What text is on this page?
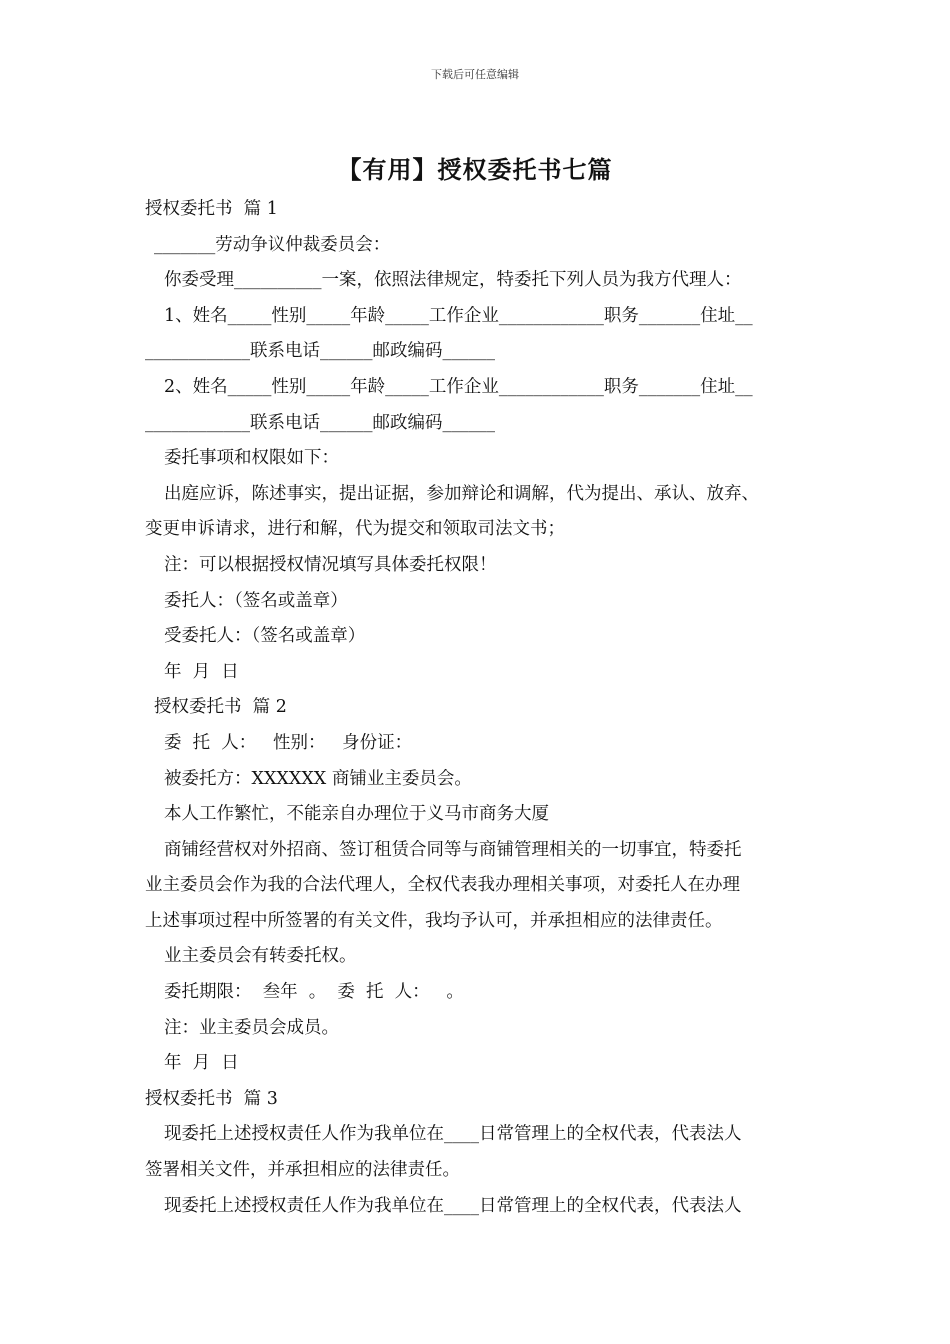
下载后可任意编辑
【有用】授权委托书七篇
授权委托书  篇 1
_______劳动争议仲裁委员会：
你委受理__________一案，依照法律规定，特委托下列人员为我方代理人：
1、姓名_____性别_____年龄_____工作企业____________职务_______住址__
____________联系电话______邮政编码______
2、姓名_____性别_____年龄_____工作企业____________职务_______住址__
____________联系电话______邮政编码______
委托事项和权限如下：
出庭应诉，陈述事实，提出证据，参加辩论和调解，代为提出、承认、放弃、
变更申诉请求，进行和解，代为提交和领取司法文书；
注：可以根据授权情况填写具体委托权限！
委托人：（签名或盖章）
受委托人：（签名或盖章）
年  月  日
授权委托书  篇 2
委  托  人：   性别：   身份证：
被委托方：XXXXXX 商铺业主委员会。
本人工作繁忙，不能亲自办理位于义马市商务大厦
商铺经营权对外招商、签订租赁合同等与商铺管理相关的一切事宜，特委托
业主委员会作为我的合法代理人，全权代表我办理相关事项，对委托人在办理
上述事项过程中所签署的有关文件，我均予认可，并承担相应的法律责任。
业主委员会有转委托权。
委托期限：  叁年  。  委  托  人：   。
注：业主委员会成员。
年  月  日
授权委托书  篇 3
现委托上述授权责任人作为我单位在____日常管理上的全权代表，代表法人
签署相关文件，并承担相应的法律责任。
现委托上述授权责任人作为我单位在____日常管理上的全权代表，代表法人
